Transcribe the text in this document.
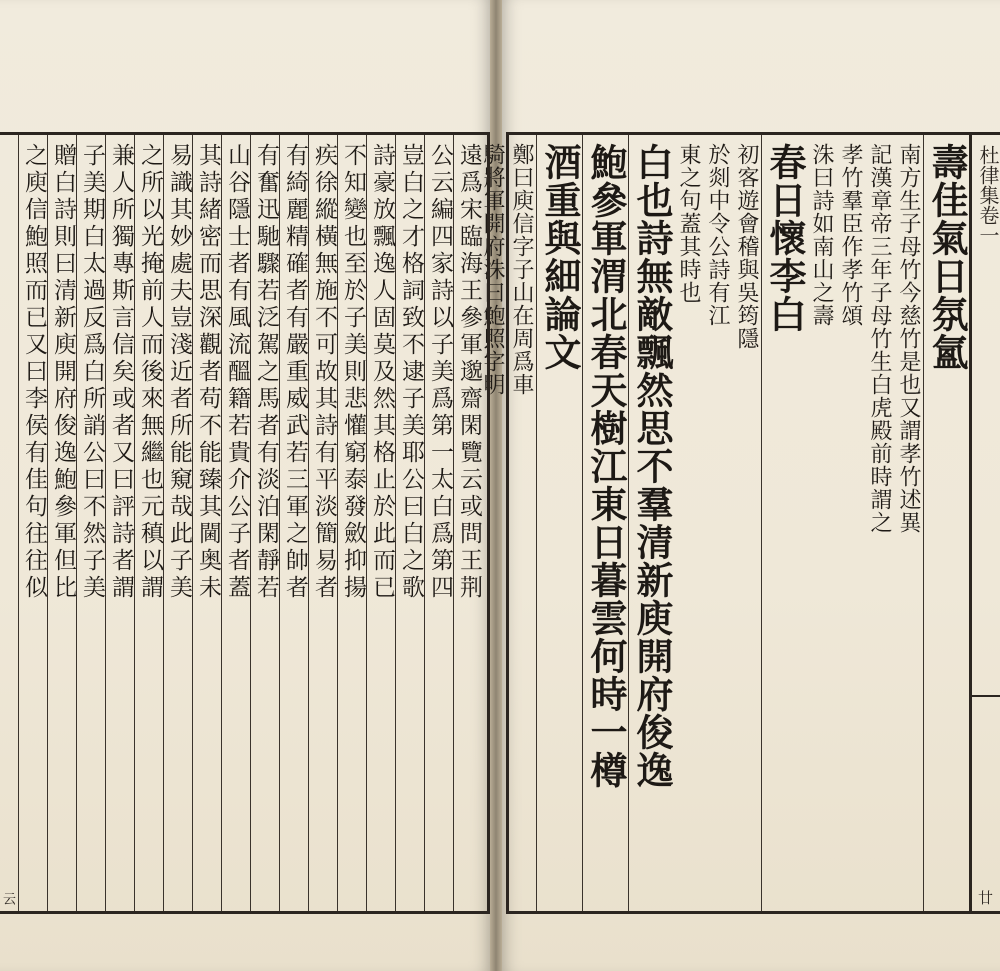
壽佳氣日氛氳
南方生子母竹今慈竹是也又謂孝竹述異
記漢章帝三年子母竹生白虎殿前時謂之
孝竹羣臣作孝竹頌
洙曰詩如南山之壽
春日懷李白
初客遊會稽與吳筠隱
於剡中令公詩有江
東之句蓋其時也
白也詩無敵飄然思不羣清新庾開府俊逸
鮑參軍渭北春天樹江東日暮雲何時一樽
酒重與細論文
鄭曰庾信字子山在周爲車
騎將軍開府洙曰鮑照字明	杜律集卷一
廿
遠爲宋臨海王參軍邈齋閑覽云或問王荆
公云編四家詩以子美爲第一太白爲第四
豈白之才格詞致不逮子美耶公曰白之歌
詩豪放飄逸人固莫及然其格止於此而已
不知變也至於子美則悲懽窮泰發斂抑揚
疾徐縱橫無施不可故其詩有平淡簡易者
有綺麗精確者有嚴重威武若三軍之帥者
有奮迅馳驟若泛駕之馬者有淡泊閑靜若
山谷隱士者有風流醞籍若貴介公子者蓋
其詩緒密而思深觀者苟不能臻其閫奥未
易識其妙處夫豈淺近者所能窺哉此子美
之所以光掩前人而後來無繼也元稹以謂
兼人所獨專斯言信矣或者又曰評詩者謂
子美期白太過反爲白所誚公曰不然子美
贈白詩則曰清新庾開府俊逸鮑參軍但比
之庾信鮑照而已又曰李侯有佳句往往似
云
